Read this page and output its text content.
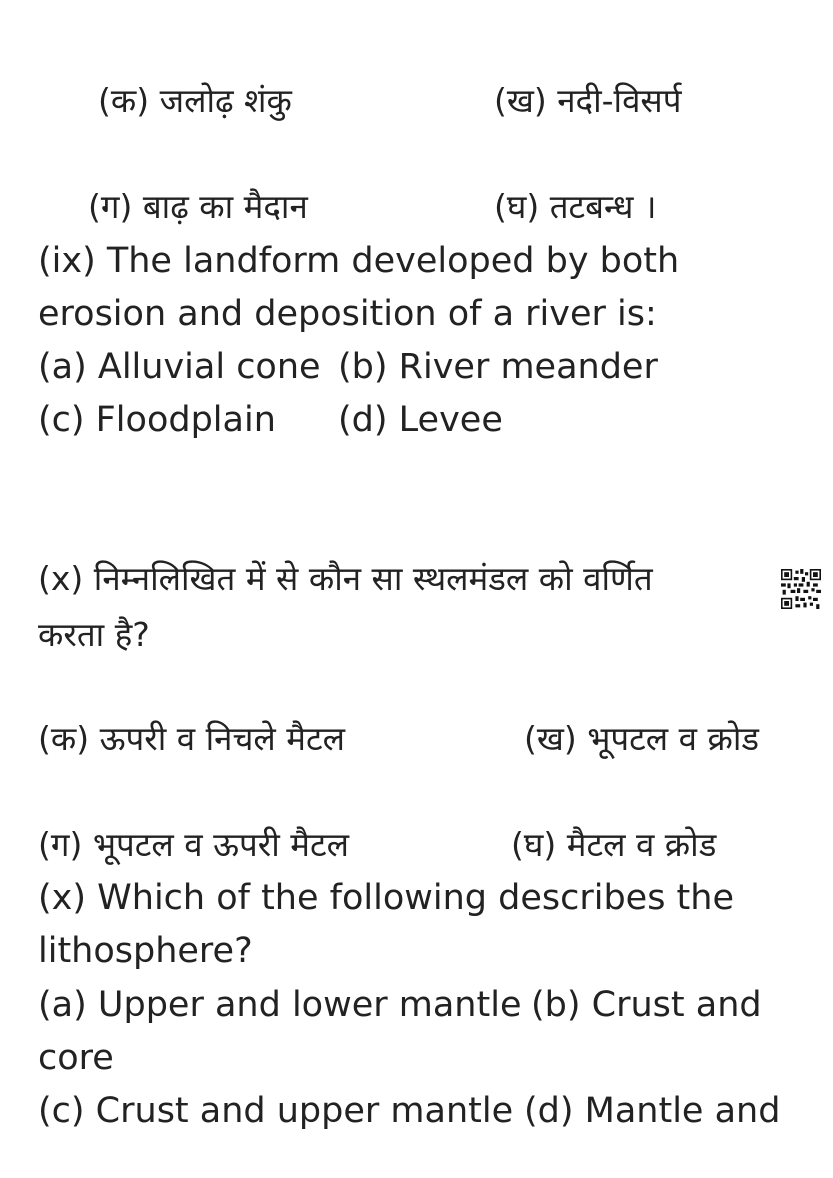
(क) जलोढ़ शंकु	(ख) नदी-विसर्प
(ग) बाढ़ का मैदान	(घ) तटबन्ध ।
(ix) The landform developed by both
erosion and deposition of a river is:
(a) Alluvial cone (b) River meander
(c) Floodplain (d) Levee
(x) निम्नलिखित में से कौन सा स्थलमंडल को वर्णित
करता है?
(क) ऊपरी व निचले मैटल	(ख) भूपटल व क्रोड
(ग) भूपटल व ऊपरी मैटल	(घ) मैटल व क्रोड
(x) Which of the following describes the
lithosphere?
(a) Upper and lower mantle (b) Crust and
core
(c) Crust and upper mantle (d) Mantle and
